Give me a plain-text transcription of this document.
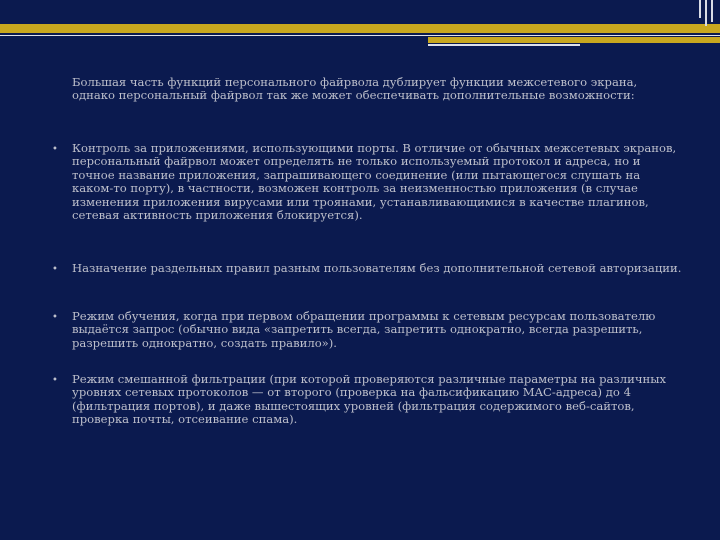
Большая часть функций персонального файрвола дублирует функции межсетевого экрана, однако персональный файрвол так же может обеспечивать дополнительные возможности:

• Контроль за приложениями, использующими порты. В отличие от обычных межсетевых экранов, персональный файрвол может определять не только используемый протокол и адреса, но и точное название приложения, запрашивающего соединение (или пытающегося слушать на каком-то порту), в частности, возможен контроль за неизменностью приложения (в случае изменения приложения вирусами или троянами, устанавливающимися в качестве плагинов, сетевая активность приложения блокируется).

• Назначение раздельных правил разным пользователям без дополнительной сетевой авторизации.

• Режим обучения, когда при первом обращении программы к сетевым ресурсам пользователю выдаётся запрос (обычно вида «запретить всегда, запретить однократно, всегда разрешить, разрешить однократно, создать правило»).

• Режим смешанной фильтрации (при которой проверяются различные параметры на различных уровнях сетевых протоколов — от второго (проверка на фальсификацию MAC-адреса) до 4 (фильтрация портов), и даже вышестоящих уровней (фильтрация содержимого веб-сайтов, проверка почты, отсеивание спама).
